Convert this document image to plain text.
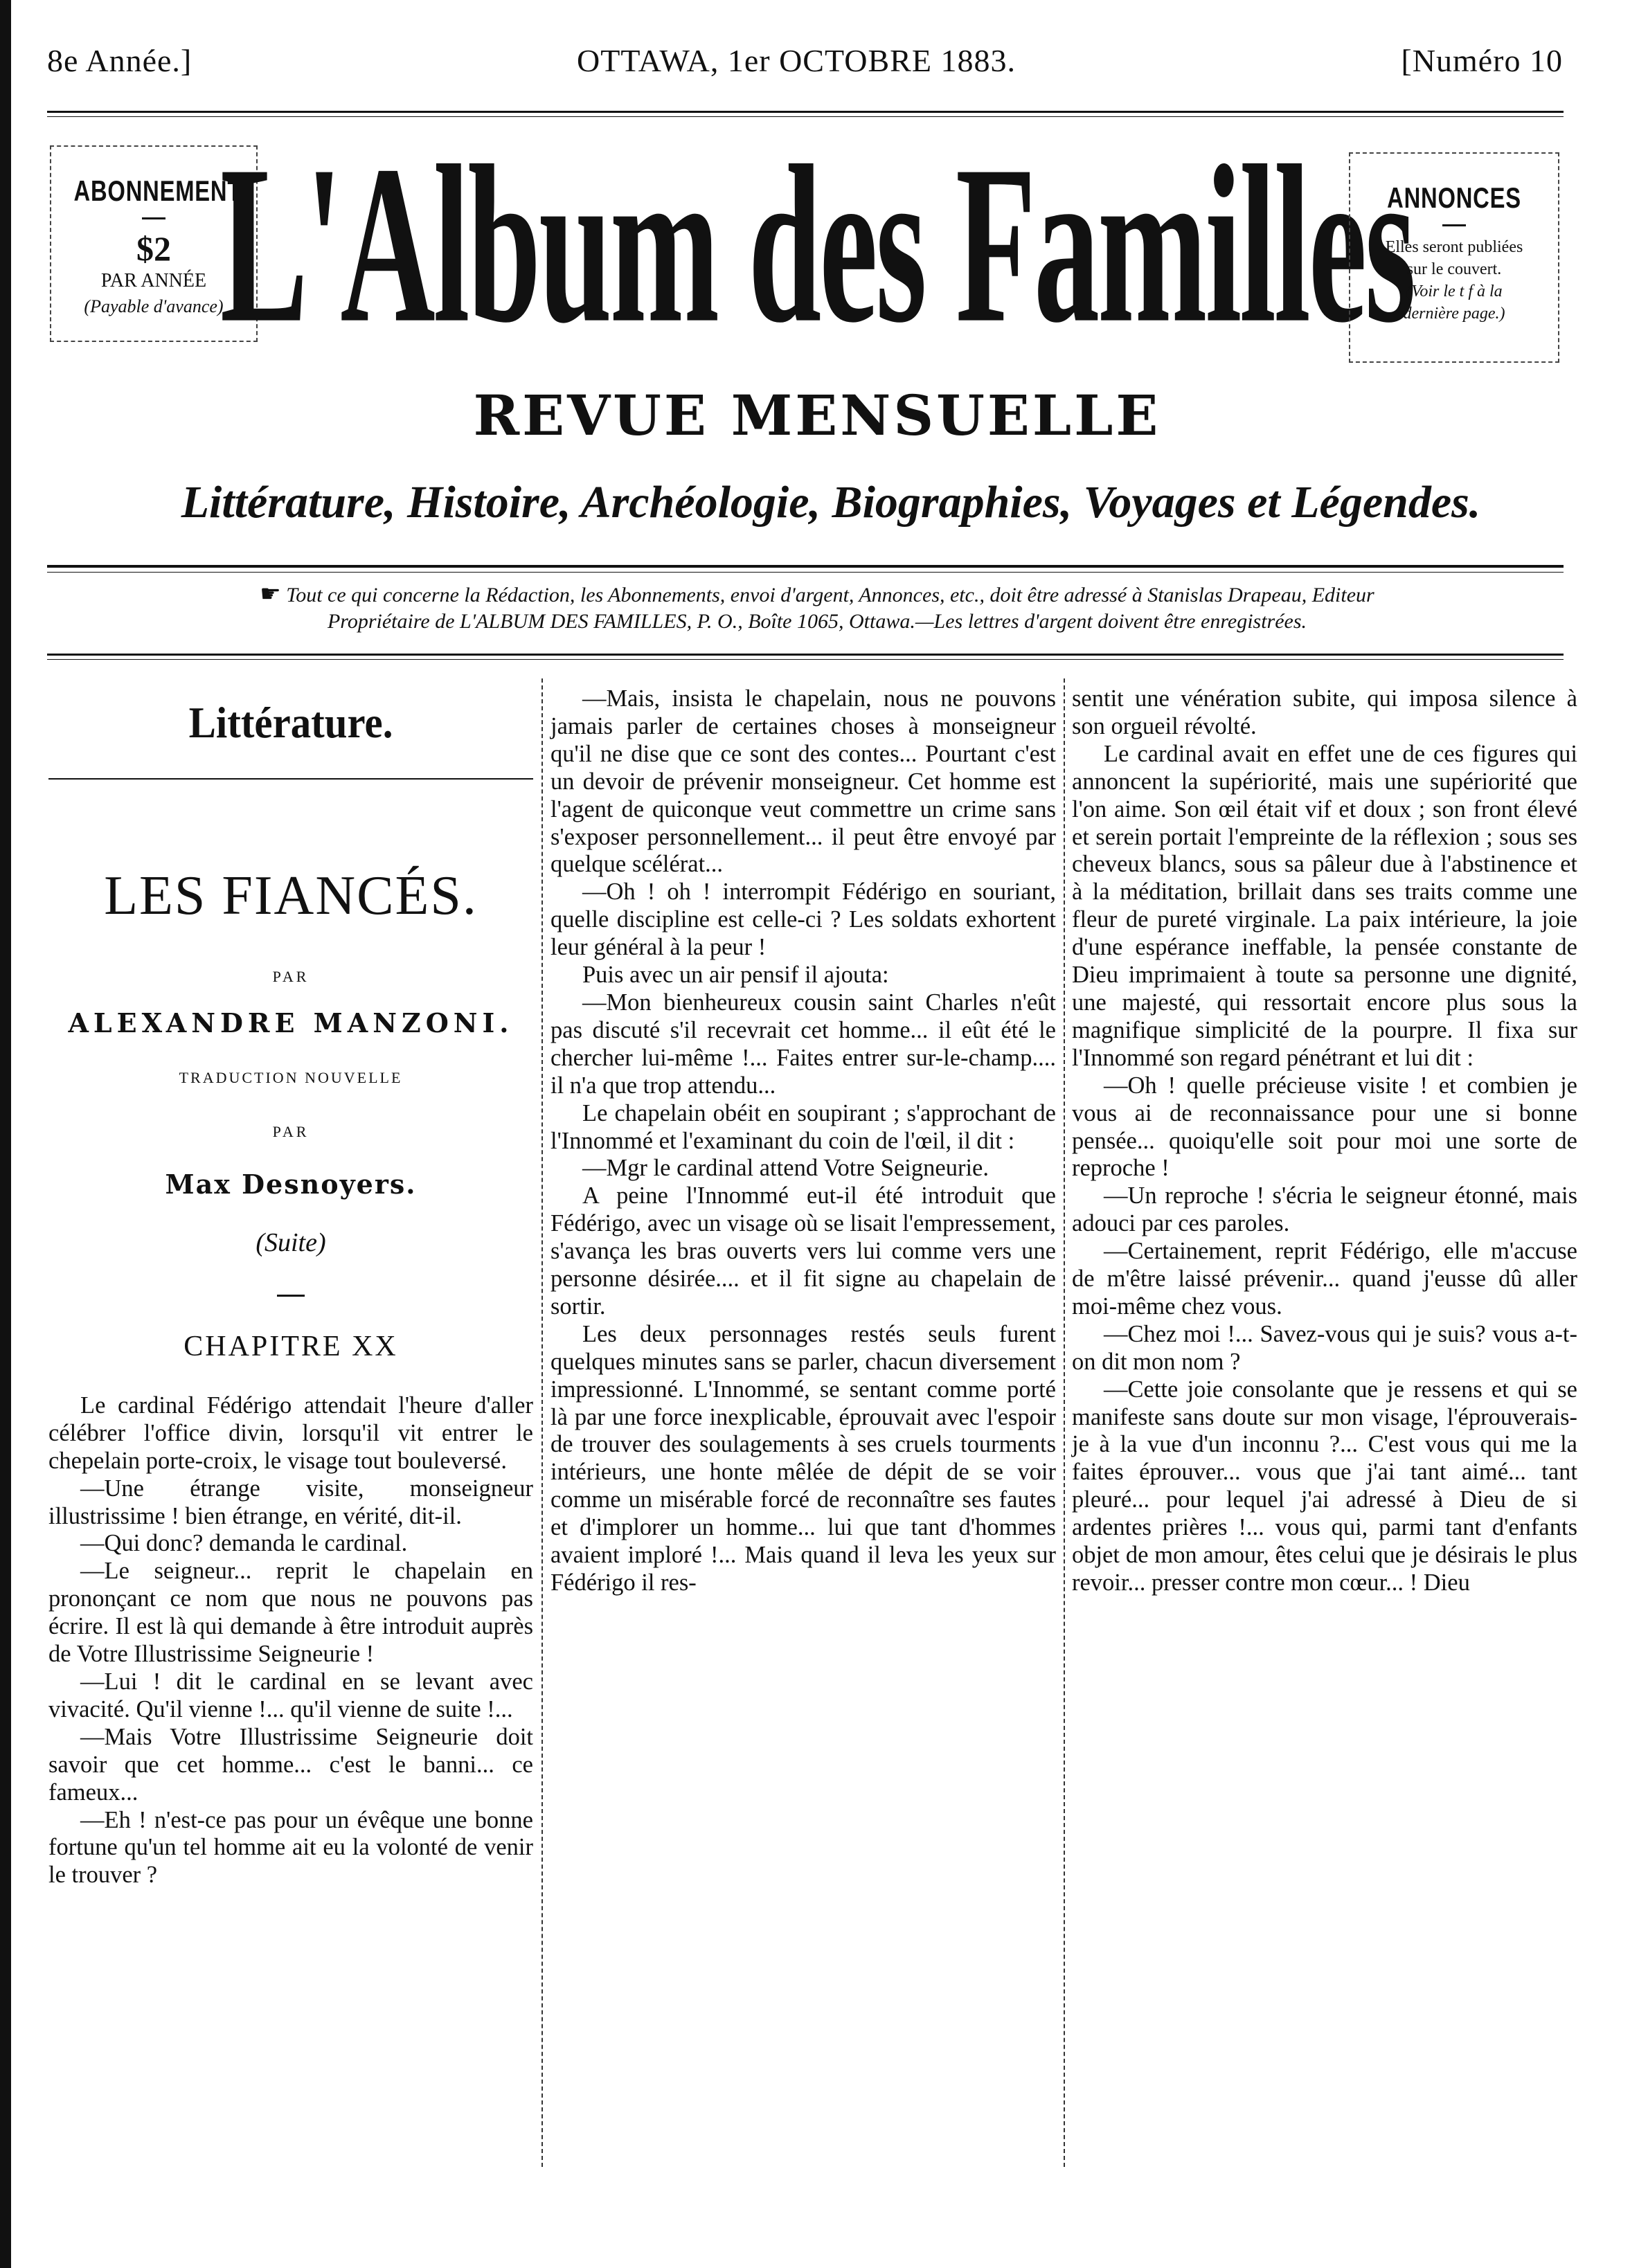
8e Année.]	OTTAWA, 1er OCTOBRE 1883.	[Numéro 10
ABONNEMENT
$2
PAR ANNÉE
(Payable d'avance)
L'Album des Familles
ANNONCES
Elles seront publiées
sur le couvert.
(Voir le t f à la
dernière page.)
REVUE MENSUELLE
Littérature, Histoire, Archéologie, Biographies, Voyages et Légendes.
☛ Tout ce qui concerne la Rédaction, les Abonnements, envoi d'argent, Annonces, etc., doit être adressé à Stanislas Drapeau, Editeur
Propriétaire de L'ALBUM DES FAMILLES, P. O., Boîte 1065, Ottawa.—Les lettres d'argent doivent être enregistrées.
Littérature.
LES FIANCÉS.
PAR
ALEXANDRE MANZONI.
TRADUCTION NOUVELLE
PAR
Max Desnoyers.
(Suite)
CHAPITRE XX

Le cardinal Fédérigo attendait l'heure d'aller célébrer l'office divin, lorsqu'il vit entrer le chepelain porte-croix, le visage tout bouleversé.

—Une étrange visite, monseigneur illustrissime ! bien étrange, en vérité, dit-il.

—Qui donc? demanda le cardinal.

—Le seigneur... reprit le chapelain en prononçant ce nom que nous ne pouvons pas écrire. Il est là qui demande à être introduit auprès de Votre Illustrissime Seigneurie !

—Lui ! dit le cardinal en se levant avec vivacité. Qu'il vienne !... qu'il vienne de suite !...

—Mais Votre Illustrissime Seigneurie doit savoir que cet homme... c'est le banni... ce fameux...

—Eh ! n'est-ce pas pour un évêque une bonne fortune qu'un tel homme ait eu la volonté de venir le trouver ?

—Mais, insista le chapelain, nous ne pouvons jamais parler de certaines choses à monseigneur qu'il ne dise que ce sont des contes... Pourtant c'est un devoir de prévenir monseigneur. Cet homme est l'agent de quiconque veut commettre un crime sans s'exposer personnellement... il peut être envoyé par quelque scélérat...

—Oh ! oh ! interrompit Fédérigo en souriant, quelle discipline est celle-ci ? Les soldats exhortent leur général à la peur !

Puis avec un air pensif il ajouta:

—Mon bienheureux cousin saint Charles n'eût pas discuté s'il recevrait cet homme... il eût été le chercher lui-même !... Faites entrer sur-le-champ.... il n'a que trop attendu...

Le chapelain obéit en soupirant ; s'approchant de l'Innommé et l'examinant du coin de l'œil, il dit :

—Mgr le cardinal attend Votre Seigneurie.

A peine l'Innommé eut-il été introduit que Fédérigo, avec un visage où se lisait l'empressement, s'avança les bras ouverts vers lui comme vers une personne désirée.... et il fit signe au chapelain de sortir.

Les deux personnages restés seuls furent quelques minutes sans se parler, chacun diversement impressionné. L'Innommé, se sentant comme porté là par une force inexplicable, éprouvait avec l'espoir de trouver des soulagements à ses cruels tourments intérieurs, une honte mêlée de dépit de se voir comme un misérable forcé de reconnaître ses fautes et d'implorer un homme... lui que tant d'hommes avaient imploré !... Mais quand il leva les yeux sur Fédérigo il res-

sentit une vénération subite, qui imposa silence à son orgueil révolté.

Le cardinal avait en effet une de ces figures qui annoncent la supériorité, mais une supériorité que l'on aime. Son œil était vif et doux ; son front élevé et serein portait l'empreinte de la réflexion ; sous ses cheveux blancs, sous sa pâleur due à l'abstinence et à la méditation, brillait dans ses traits comme une fleur de pureté virginale. La paix intérieure, la joie d'une espérance ineffable, la pensée constante de Dieu imprimaient à toute sa personne une dignité, une majesté, qui ressortait encore plus sous la magnifique simplicité de la pourpre. Il fixa sur l'Innommé son regard pénétrant et lui dit :

—Oh ! quelle précieuse visite ! et combien je vous ai de reconnaissance pour une si bonne pensée... quoiqu'elle soit pour moi une sorte de reproche !

—Un reproche ! s'écria le seigneur étonné, mais adouci par ces paroles.

—Certainement, reprit Fédérigo, elle m'accuse de m'être laissé prévenir... quand j'eusse dû aller moi-même chez vous.

—Chez moi !... Savez-vous qui je suis? vous a-t-on dit mon nom ?

—Cette joie consolante que je ressens et qui se manifeste sans doute sur mon visage, l'éprouverais-je à la vue d'un inconnu ?... C'est vous qui me la faites éprouver... vous que j'ai tant aimé... tant pleuré... pour lequel j'ai adressé à Dieu de si ardentes prières !... vous qui, parmi tant d'enfants objet de mon amour, êtes celui que je désirais le plus revoir... presser contre mon cœur... ! Dieu
